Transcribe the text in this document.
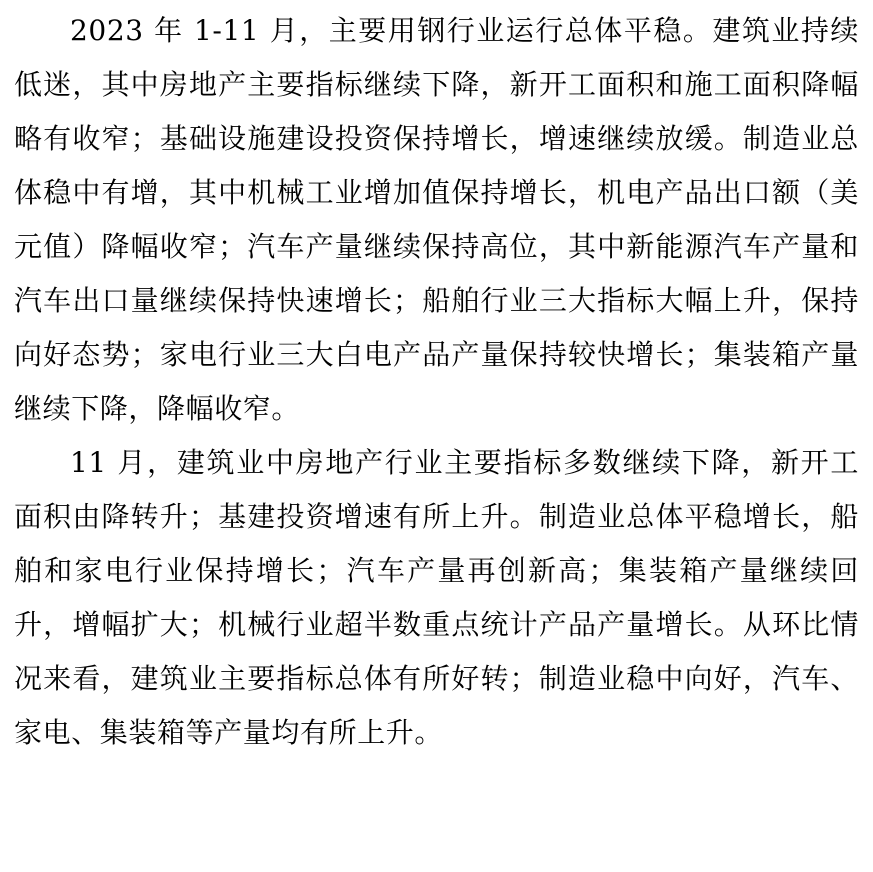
2023 年 1-11 月，主要用钢行业运行总体平稳。建筑业持续低迷，其中房地产主要指标继续下降，新开工面积和施工面积降幅略有收窄；基础设施建设投资保持增长，增速继续放缓。制造业总体稳中有增，其中机械工业增加值保持增长，机电产品出口额（美元值）降幅收窄；汽车产量继续保持高位，其中新能源汽车产量和汽车出口量继续保持快速增长；船舶行业三大指标大幅上升，保持向好态势；家电行业三大白电产品产量保持较快增长；集装箱产量继续下降，降幅收窄。

11 月，建筑业中房地产行业主要指标多数继续下降，新开工面积由降转升；基建投资增速有所上升。制造业总体平稳增长，船舶和家电行业保持增长；汽车产量再创新高；集装箱产量继续回升，增幅扩大；机械行业超半数重点统计产品产量增长。从环比情况来看，建筑业主要指标总体有所好转；制造业稳中向好，汽车、家电、集装箱等产量均有所上升。
